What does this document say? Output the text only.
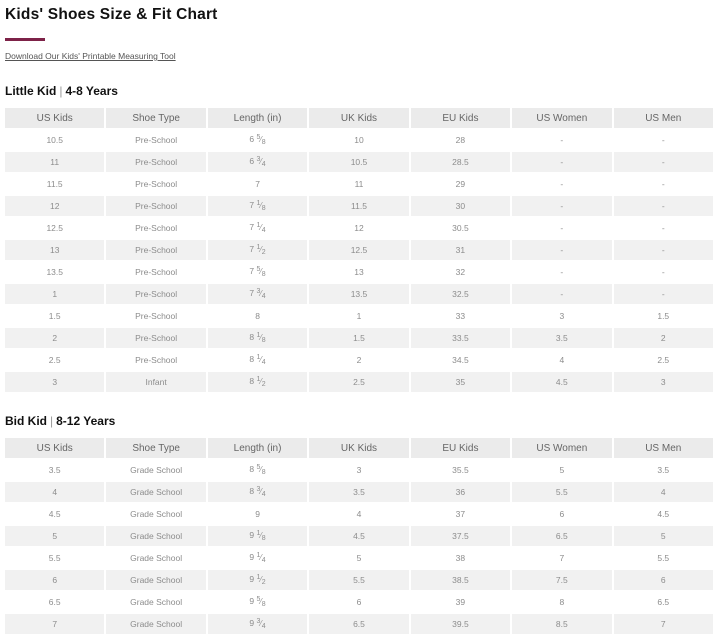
Kids' Shoes Size & Fit Chart
Download Our Kids' Printable Measuring Tool
Little Kid | 4-8 Years
US Kids	Shoe Type	Length (in)	UK Kids	EU Kids	US Women	US Men
10.5	Pre-School	6 $^5⁄_8$	10	28	-	-
11	Pre-School	6 $^3⁄_4$	10.5	28.5	-	-
11.5	Pre-School	7	11	29	-	-
12	Pre-School	7 $^1⁄_8$	11.5	30	-	-
12.5	Pre-School	7 $^1⁄_4$	12	30.5	-	-
13	Pre-School	7 $^1⁄_2$	12.5	31	-	-
13.5	Pre-School	7 $^5⁄_8$	13	32	-	-
1	Pre-School	7 $^3⁄_4$	13.5	32.5	-	-
1.5	Pre-School	8	1	33	3	1.5
2	Pre-School	8 $^1⁄_8$	1.5	33.5	3.5	2
2.5	Pre-School	8 $^1⁄_4$	2	34.5	4	2.5
3	Infant	8 $^1⁄_2$	2.5	35	4.5	3
Bid Kid | 8-12 Years
US Kids	Shoe Type	Length (in)	UK Kids	EU Kids	US Women	US Men
3.5	Grade School	8 $^5⁄_8$	3	35.5	5	3.5
4	Grade School	8 $^3⁄_4$	3.5	36	5.5	4
4.5	Grade School	9	4	37	6	4.5
5	Grade School	9 $^1⁄_8$	4.5	37.5	6.5	5
5.5	Grade School	9 $^1⁄_4$	5	38	7	5.5
6	Grade School	9 $^1⁄_2$	5.5	38.5	7.5	6
6.5	Grade School	9 $^5⁄_8$	6	39	8	6.5
7	Grade School	9 $^3⁄_4$	6.5	39.5	8.5	7
